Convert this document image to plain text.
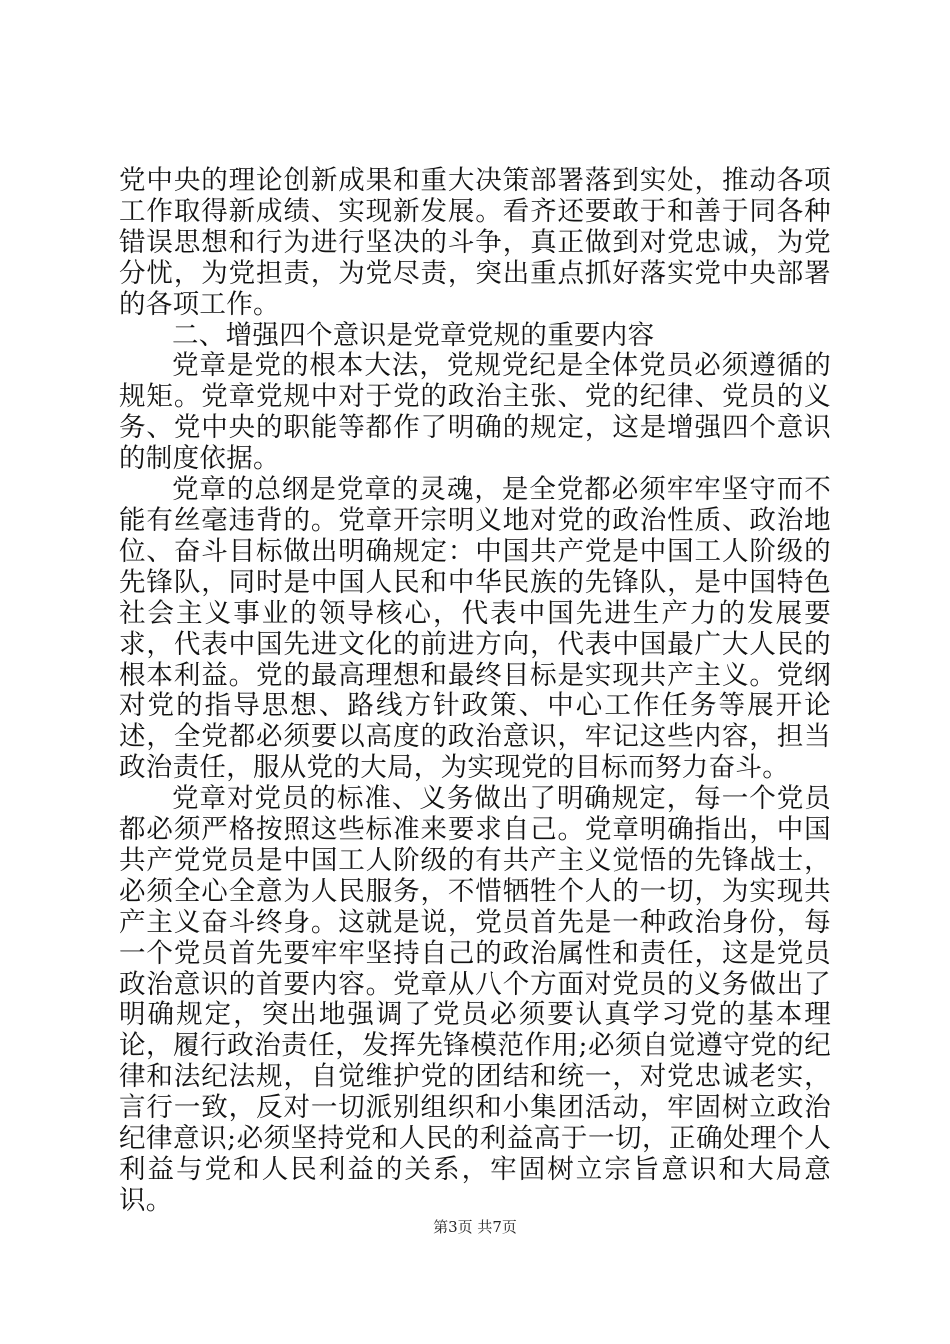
党中央的理论创新成果和重大决策部署落到实处，推动各项工作取得新成绩、实现新发展。看齐还要敢于和善于同各种错误思想和行为进行坚决的斗争，真正做到对党忠诚，为党分忧，为党担责，为党尽责，突出重点抓好落实党中央部署的各项工作。

二、增强四个意识是党章党规的重要内容

党章是党的根本大法，党规党纪是全体党员必须遵循的规矩。党章党规中对于党的政治主张、党的纪律、党员的义务、党中央的职能等都作了明确的规定，这是增强四个意识的制度依据。

党章的总纲是党章的灵魂，是全党都必须牢牢坚守而不能有丝毫违背的。党章开宗明义地对党的政治性质、政治地位、奋斗目标做出明确规定：中国共产党是中国工人阶级的先锋队，同时是中国人民和中华民族的先锋队，是中国特色社会主义事业的领导核心，代表中国先进生产力的发展要求，代表中国先进文化的前进方向，代表中国最广大人民的根本利益。党的最高理想和最终目标是实现共产主义。党纲对党的指导思想、路线方针政策、中心工作任务等展开论述，全党都必须要以高度的政治意识，牢记这些内容，担当政治责任，服从党的大局，为实现党的目标而努力奋斗。

党章对党员的标准、义务做出了明确规定，每一个党员都必须严格按照这些标准来要求自己。党章明确指出，中国共产党党员是中国工人阶级的有共产主义觉悟的先锋战士，必须全心全意为人民服务，不惜牺牲个人的一切，为实现共产主义奋斗终身。这就是说，党员首先是一种政治身份，每一个党员首先要牢牢坚持自己的政治属性和责任，这是党员政治意识的首要内容。党章从八个方面对党员的义务做出了明确规定，突出地强调了党员必须要认真学习党的基本理论，履行政治责任，发挥先锋模范作用;必须自觉遵守党的纪律和法纪法规，自觉维护党的团结和统一，对党忠诚老实，言行一致，反对一切派别组织和小集团活动，牢固树立政治纪律意识;必须坚持党和人民的利益高于一切，正确处理个人利益与党和人民利益的关系，牢固树立宗旨意识和大局意识。

第3页 共7页
